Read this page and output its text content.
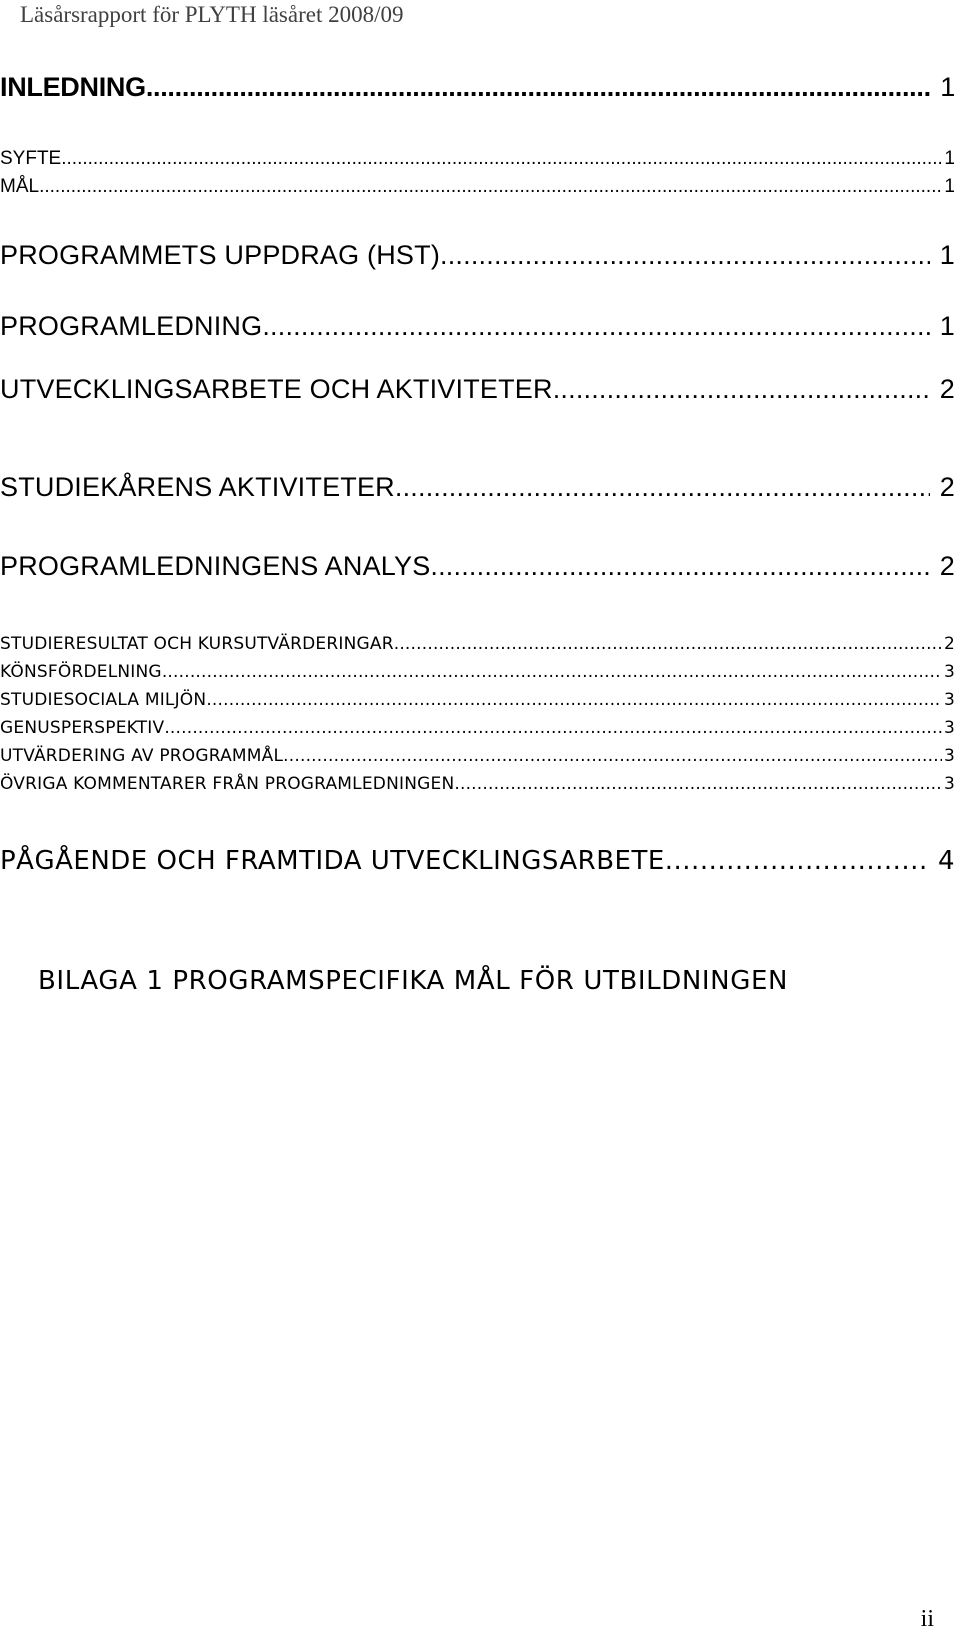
Läsårsrapport för PLYTH läsåret 2008/09
INLEDNING .....	1
SYFTE .....	1
MÅL .....	1
PROGRAMMETS UPPDRAG (HST) .....	1
PROGRAMLEDNING .....	1
UTVECKLINGSARBETE OCH AKTIVITETER .....	2
STUDIEKÅRENS AKTIVITETER .....	2
PROGRAMLEDNINGENS ANALYS .....	2
STUDIERESULTAT OCH KURSUTVÄRDERINGAR .....	2
KÖNSFÖRDELNING .....	3
STUDIESOCIALA MILJÖN .....	3
GENUSPERSPEKTIV .....	3
UTVÄRDERING AV PROGRAMMÅL .....	3
ÖVRIGA KOMMENTARER FRÅN PROGRAMLEDNINGEN .....	3
PÅGÅENDE OCH FRAMTIDA UTVECKLINGSARBETE .....	4
BILAGA 1 PROGRAMSPECIFIKA MÅL FÖR UTBILDNINGEN
ii
